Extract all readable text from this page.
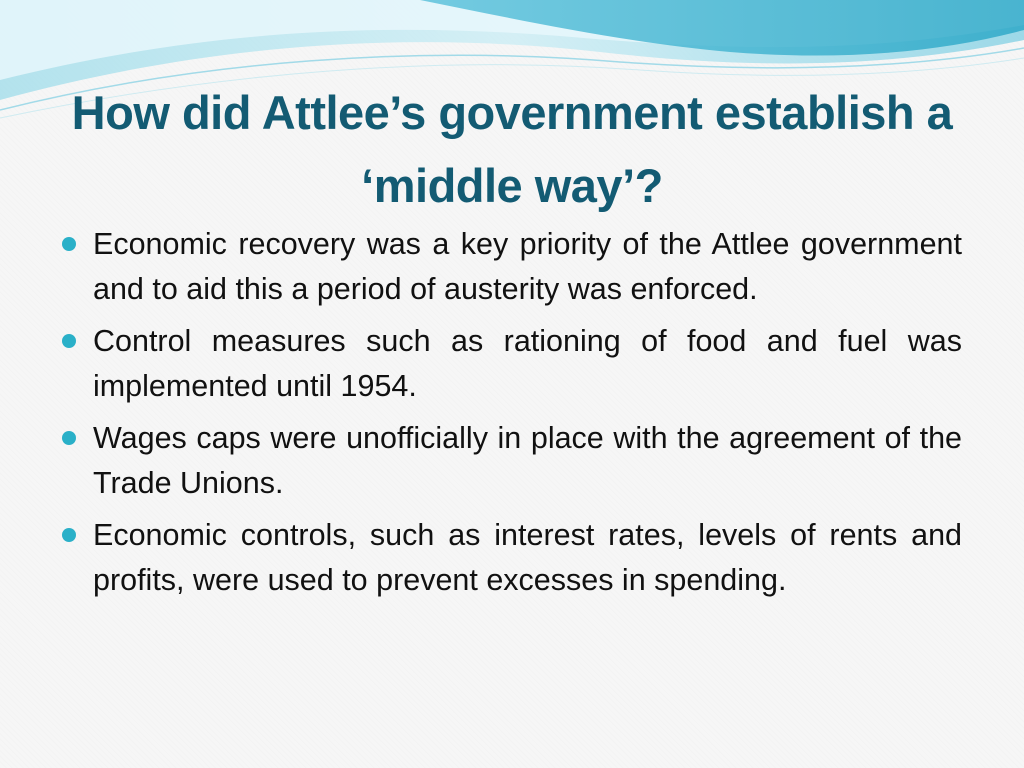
How did Attlee’s government establish a ‘middle way’?
Economic recovery was a key priority of the Attlee government and to aid this a period of austerity was enforced.
Control measures such as rationing of food and fuel was implemented until 1954.
Wages caps were unofficially in place with the agreement of the Trade Unions.
Economic controls, such as interest rates, levels of rents and profits, were used to prevent excesses in spending.
